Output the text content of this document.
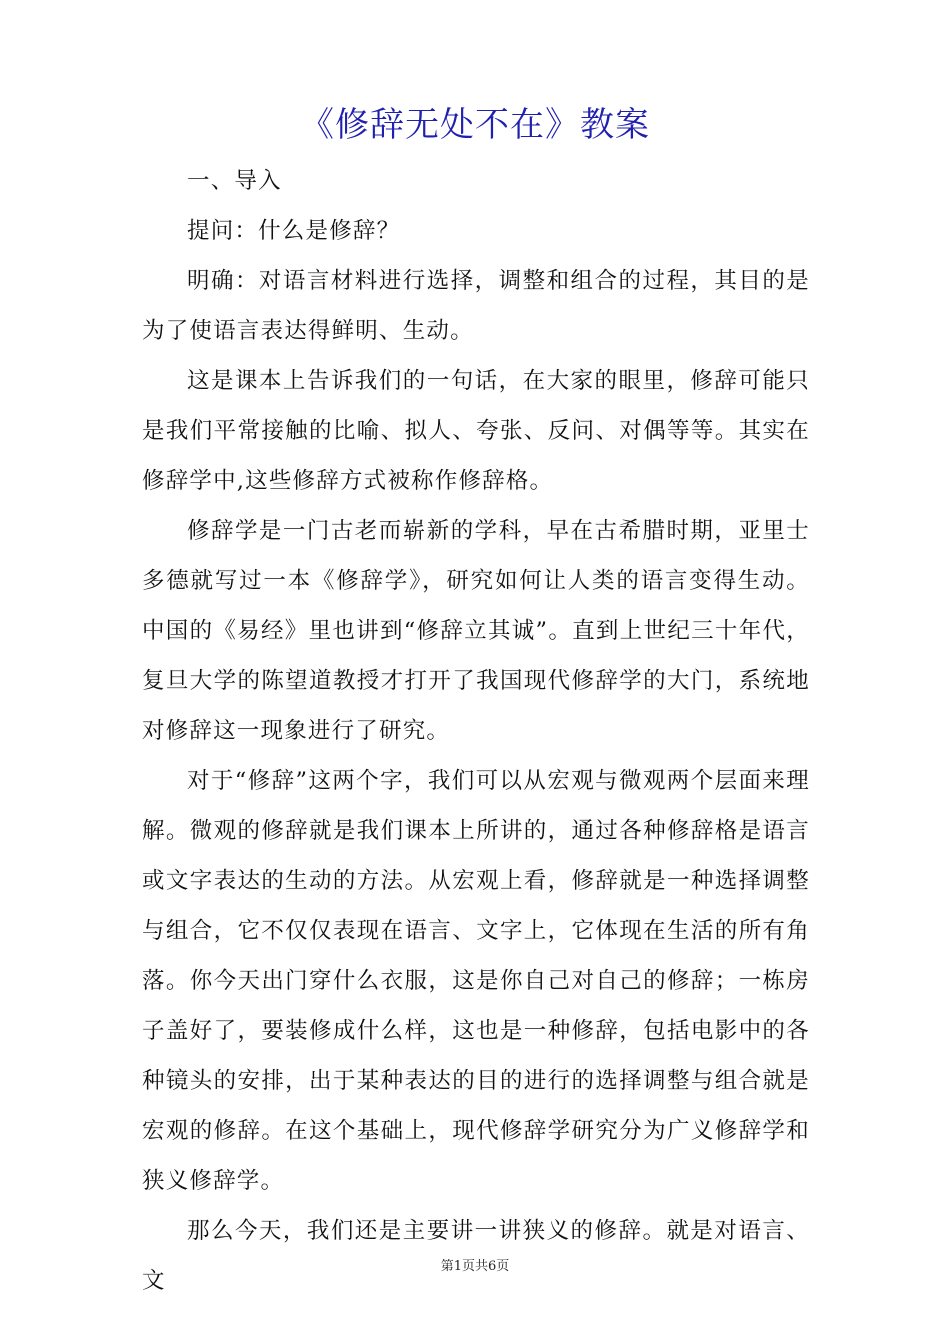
《修辞无处不在》教案

一、导入

提问：什么是修辞？

明确：对语言材料进行选择，调整和组合的过程，其目的是为了使语言表达得鲜明、生动。

这是课本上告诉我们的一句话，在大家的眼里，修辞可能只是我们平常接触的比喻、拟人、夸张、反问、对偶等等。其实在修辞学中,这些修辞方式被称作修辞格。

修辞学是一门古老而崭新的学科，早在古希腊时期，亚里士多德就写过一本《修辞学》，研究如何让人类的语言变得生动。中国的《易经》里也讲到“修辞立其诚”。直到上世纪三十年代，复旦大学的陈望道教授才打开了我国现代修辞学的大门，系统地对修辞这一现象进行了研究。

对于“修辞”这两个字，我们可以从宏观与微观两个层面来理解。微观的修辞就是我们课本上所讲的，通过各种修辞格是语言或文字表达的生动的方法。从宏观上看，修辞就是一种选择调整与组合，它不仅仅表现在语言、文字上，它体现在生活的所有角落。你今天出门穿什么衣服，这是你自己对自己的修辞；一栋房子盖好了，要装修成什么样，这也是一种修辞，包括电影中的各种镜头的安排，出于某种表达的目的进行的选择调整与组合就是宏观的修辞。在这个基础上，现代修辞学研究分为广义修辞学和狭义修辞学。

那么今天，我们还是主要讲一讲狭义的修辞。就是对语言、文

第1页共6页
